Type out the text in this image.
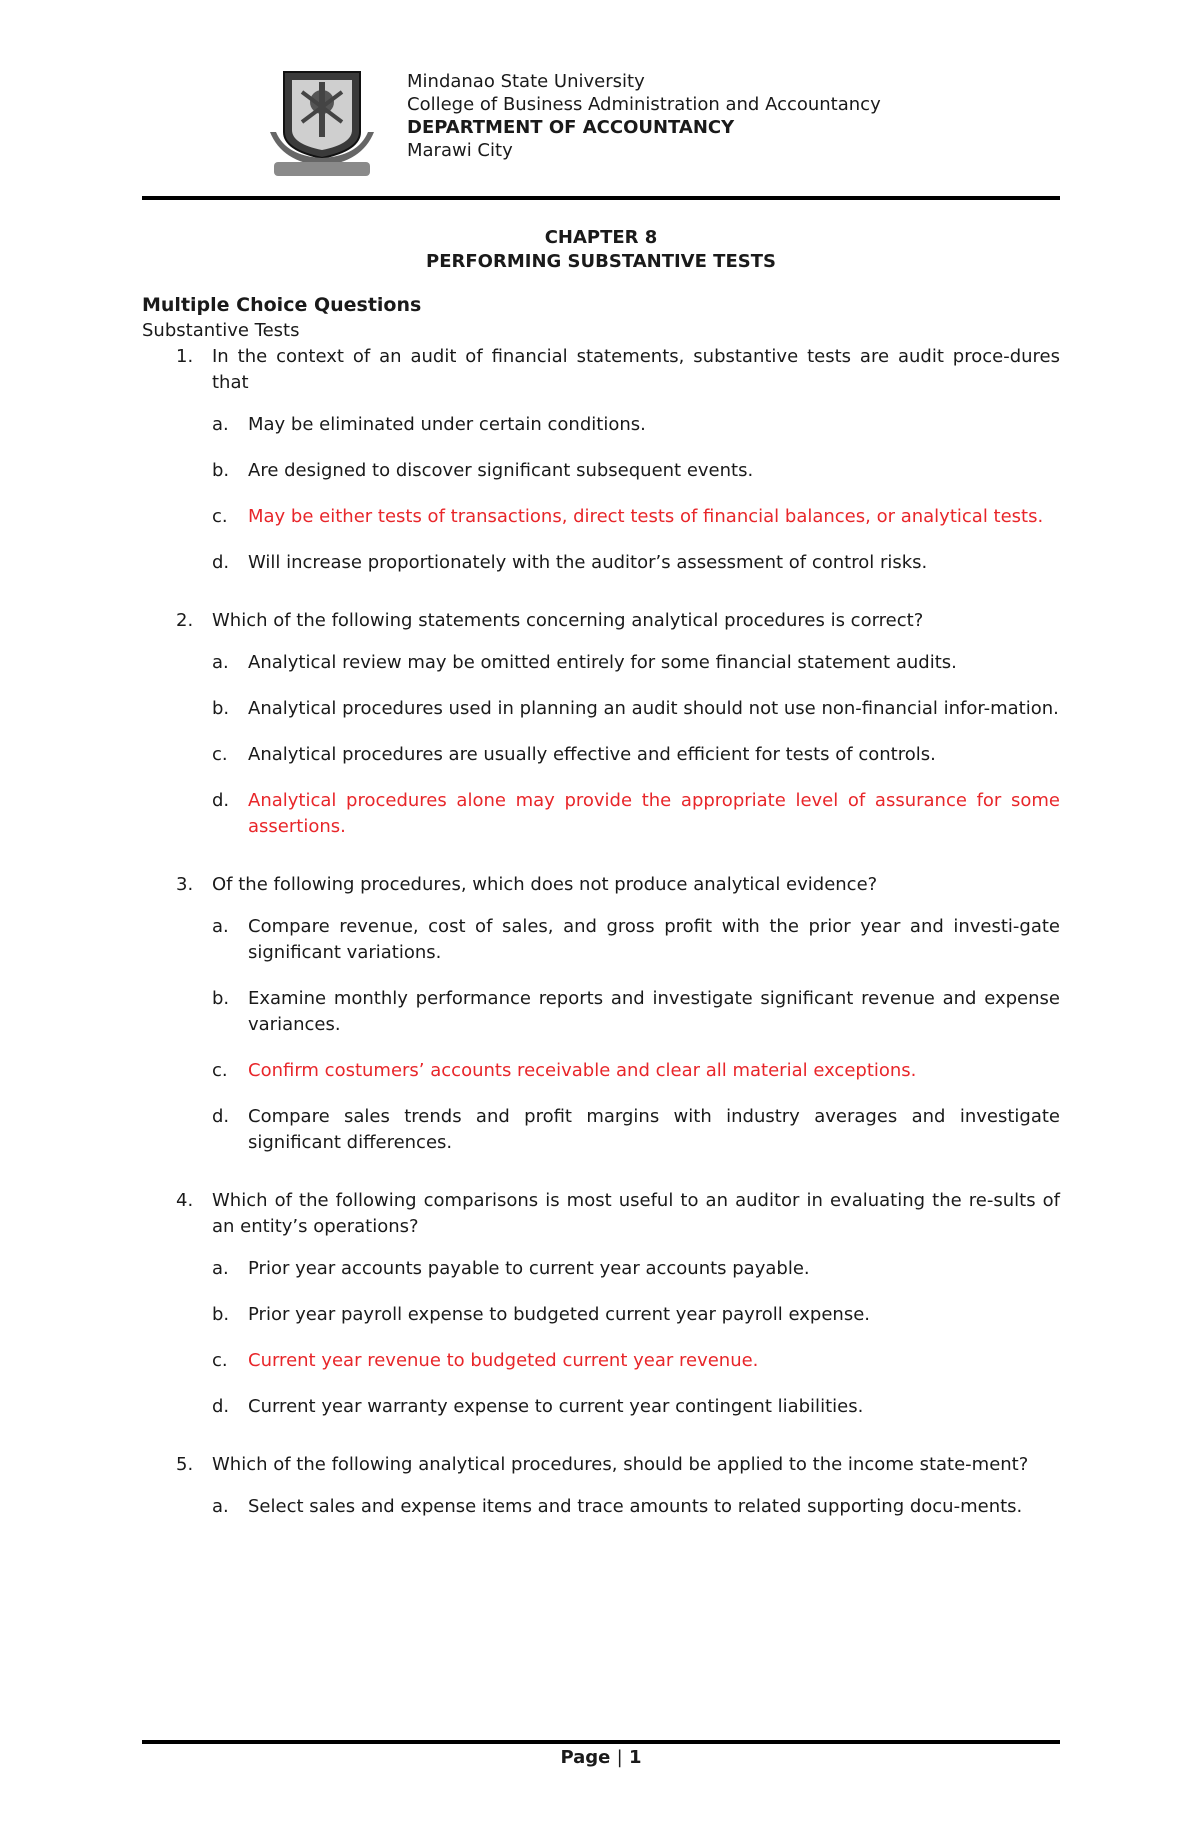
Mindanao State University
College of Business Administration and Accountancy
DEPARTMENT OF ACCOUNTANCY
Marawi City
CHAPTER 8
PERFORMING SUBSTANTIVE TESTS
Multiple Choice Questions
Substantive Tests
1. In the context of an audit of financial statements, substantive tests are audit proce-dures that
a. May be eliminated under certain conditions.
b. Are designed to discover significant subsequent events.
c. May be either tests of transactions, direct tests of financial balances, or analytical tests.
d. Will increase proportionately with the auditor’s assessment of control risks.
2. Which of the following statements concerning analytical procedures is correct?
a. Analytical review may be omitted entirely for some financial statement audits.
b. Analytical procedures used in planning an audit should not use non-financial infor-mation.
c. Analytical procedures are usually effective and efficient for tests of controls.
d. Analytical procedures alone may provide the appropriate level of assurance for some assertions.
3. Of the following procedures, which does not produce analytical evidence?
a. Compare revenue, cost of sales, and gross profit with the prior year and investi-gate significant variations.
b. Examine monthly performance reports and investigate significant revenue and expense variances.
c. Confirm costumers’ accounts receivable and clear all material exceptions.
d. Compare sales trends and profit margins with industry averages and investigate significant differences.
4. Which of the following comparisons is most useful to an auditor in evaluating the re-sults of an entity’s operations?
a. Prior year accounts payable to current year accounts payable.
b. Prior year payroll expense to budgeted current year payroll expense.
c. Current year revenue to budgeted current year revenue.
d. Current year warranty expense to current year contingent liabilities.
5. Which of the following analytical procedures, should be applied to the income state-ment?
a. Select sales and expense items and trace amounts to related supporting docu-ments.
Page | 1
